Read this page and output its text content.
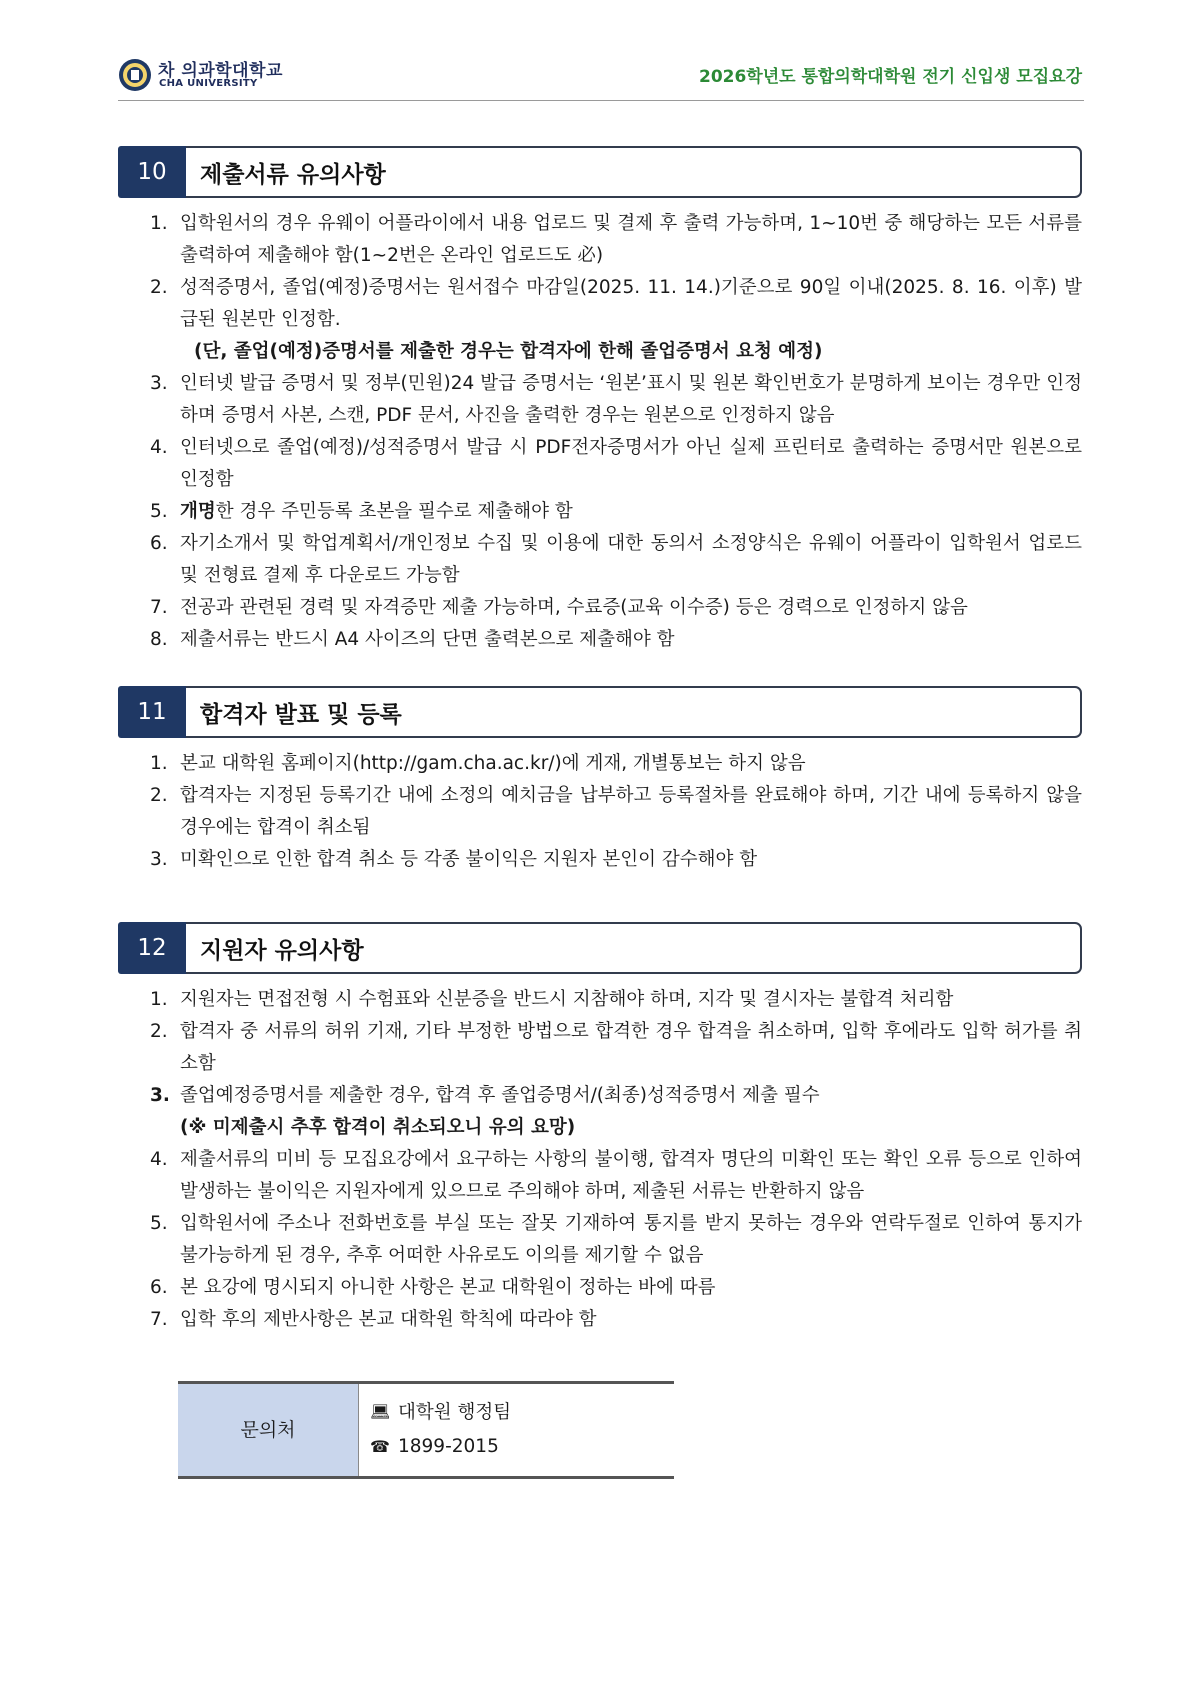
차 의과학대학교
CHA UNIVERSITY	2026학년도 통합의학대학원 전기 신입생 모집요강
제출서류 유의사항
10
1. 입학원서의 경우 유웨이 어플라이에서 내용 업로드 및 결제 후 출력 가능하며, 1~10번 중 해당하는 모든 서류를 출력하여 제출해야 함(1~2번은 온라인 업로드도 必)
2. 성적증명서, 졸업(예정)증명서는 원서접수 마감일(2025. 11. 14.)기준으로 90일 이내(2025. 8. 16. 이후) 발급된 원본만 인정함.
(단, 졸업(예정)증명서를 제출한 경우는 합격자에 한해 졸업증명서 요청 예정)
3. 인터넷 발급 증명서 및 정부(민원)24 발급 증명서는 ‘원본’표시 및 원본 확인번호가 분명하게 보이는 경우만 인정하며 증명서 사본, 스캔, PDF 문서, 사진을 출력한 경우는 원본으로 인정하지 않음
4. 인터넷으로 졸업(예정)/성적증명서 발급 시 PDF전자증명서가 아닌 실제 프린터로 출력하는 증명서만 원본으로 인정함
5. 개명한 경우 주민등록 초본을 필수로 제출해야 함
6. 자기소개서 및 학업계획서/개인정보 수집 및 이용에 대한 동의서 소정양식은 유웨이 어플라이 입학원서 업로드 및 전형료 결제 후 다운로드 가능함
7. 전공과 관련된 경력 및 자격증만 제출 가능하며, 수료증(교육 이수증) 등은 경력으로 인정하지 않음
8. 제출서류는 반드시 A4 사이즈의 단면 출력본으로 제출해야 함
합격자 발표 및 등록
11
1. 본교 대학원 홈페이지(http://gam.cha.ac.kr/)에 게재, 개별통보는 하지 않음
2. 합격자는 지정된 등록기간 내에 소정의 예치금을 납부하고 등록절차를 완료해야 하며, 기간 내에 등록하지 않을 경우에는 합격이 취소됨
3. 미확인으로 인한 합격 취소 등 각종 불이익은 지원자 본인이 감수해야 함
지원자 유의사항
12
1. 지원자는 면접전형 시 수험표와 신분증을 반드시 지참해야 하며, 지각 및 결시자는 불합격 처리함
2. 합격자 중 서류의 허위 기재, 기타 부정한 방법으로 합격한 경우 합격을 취소하며, 입학 후에라도 입학 허가를 취소함
3. 졸업예정증명서를 제출한 경우, 합격 후 졸업증명서/(최종)성적증명서 제출 필수
(※ 미제출시 추후 합격이 취소되오니 유의 요망)
4. 제출서류의 미비 등 모집요강에서 요구하는 사항의 불이행, 합격자 명단의 미확인 또는 확인 오류 등으로 인하여 발생하는 불이익은 지원자에게 있으므로 주의해야 하며, 제출된 서류는 반환하지 않음
5. 입학원서에 주소나 전화번호를 부실 또는 잘못 기재하여 통지를 받지 못하는 경우와 연락두절로 인하여 통지가 불가능하게 된 경우, 추후 어떠한 사유로도 이의를 제기할 수 없음
6. 본 요강에 명시되지 아니한 사항은 본교 대학원이 정하는 바에 따름
7. 입학 후의 제반사항은 본교 대학원 학칙에 따라야 함
문의처
💻︎ 대학원 행정팀
☎ 1899-2015
